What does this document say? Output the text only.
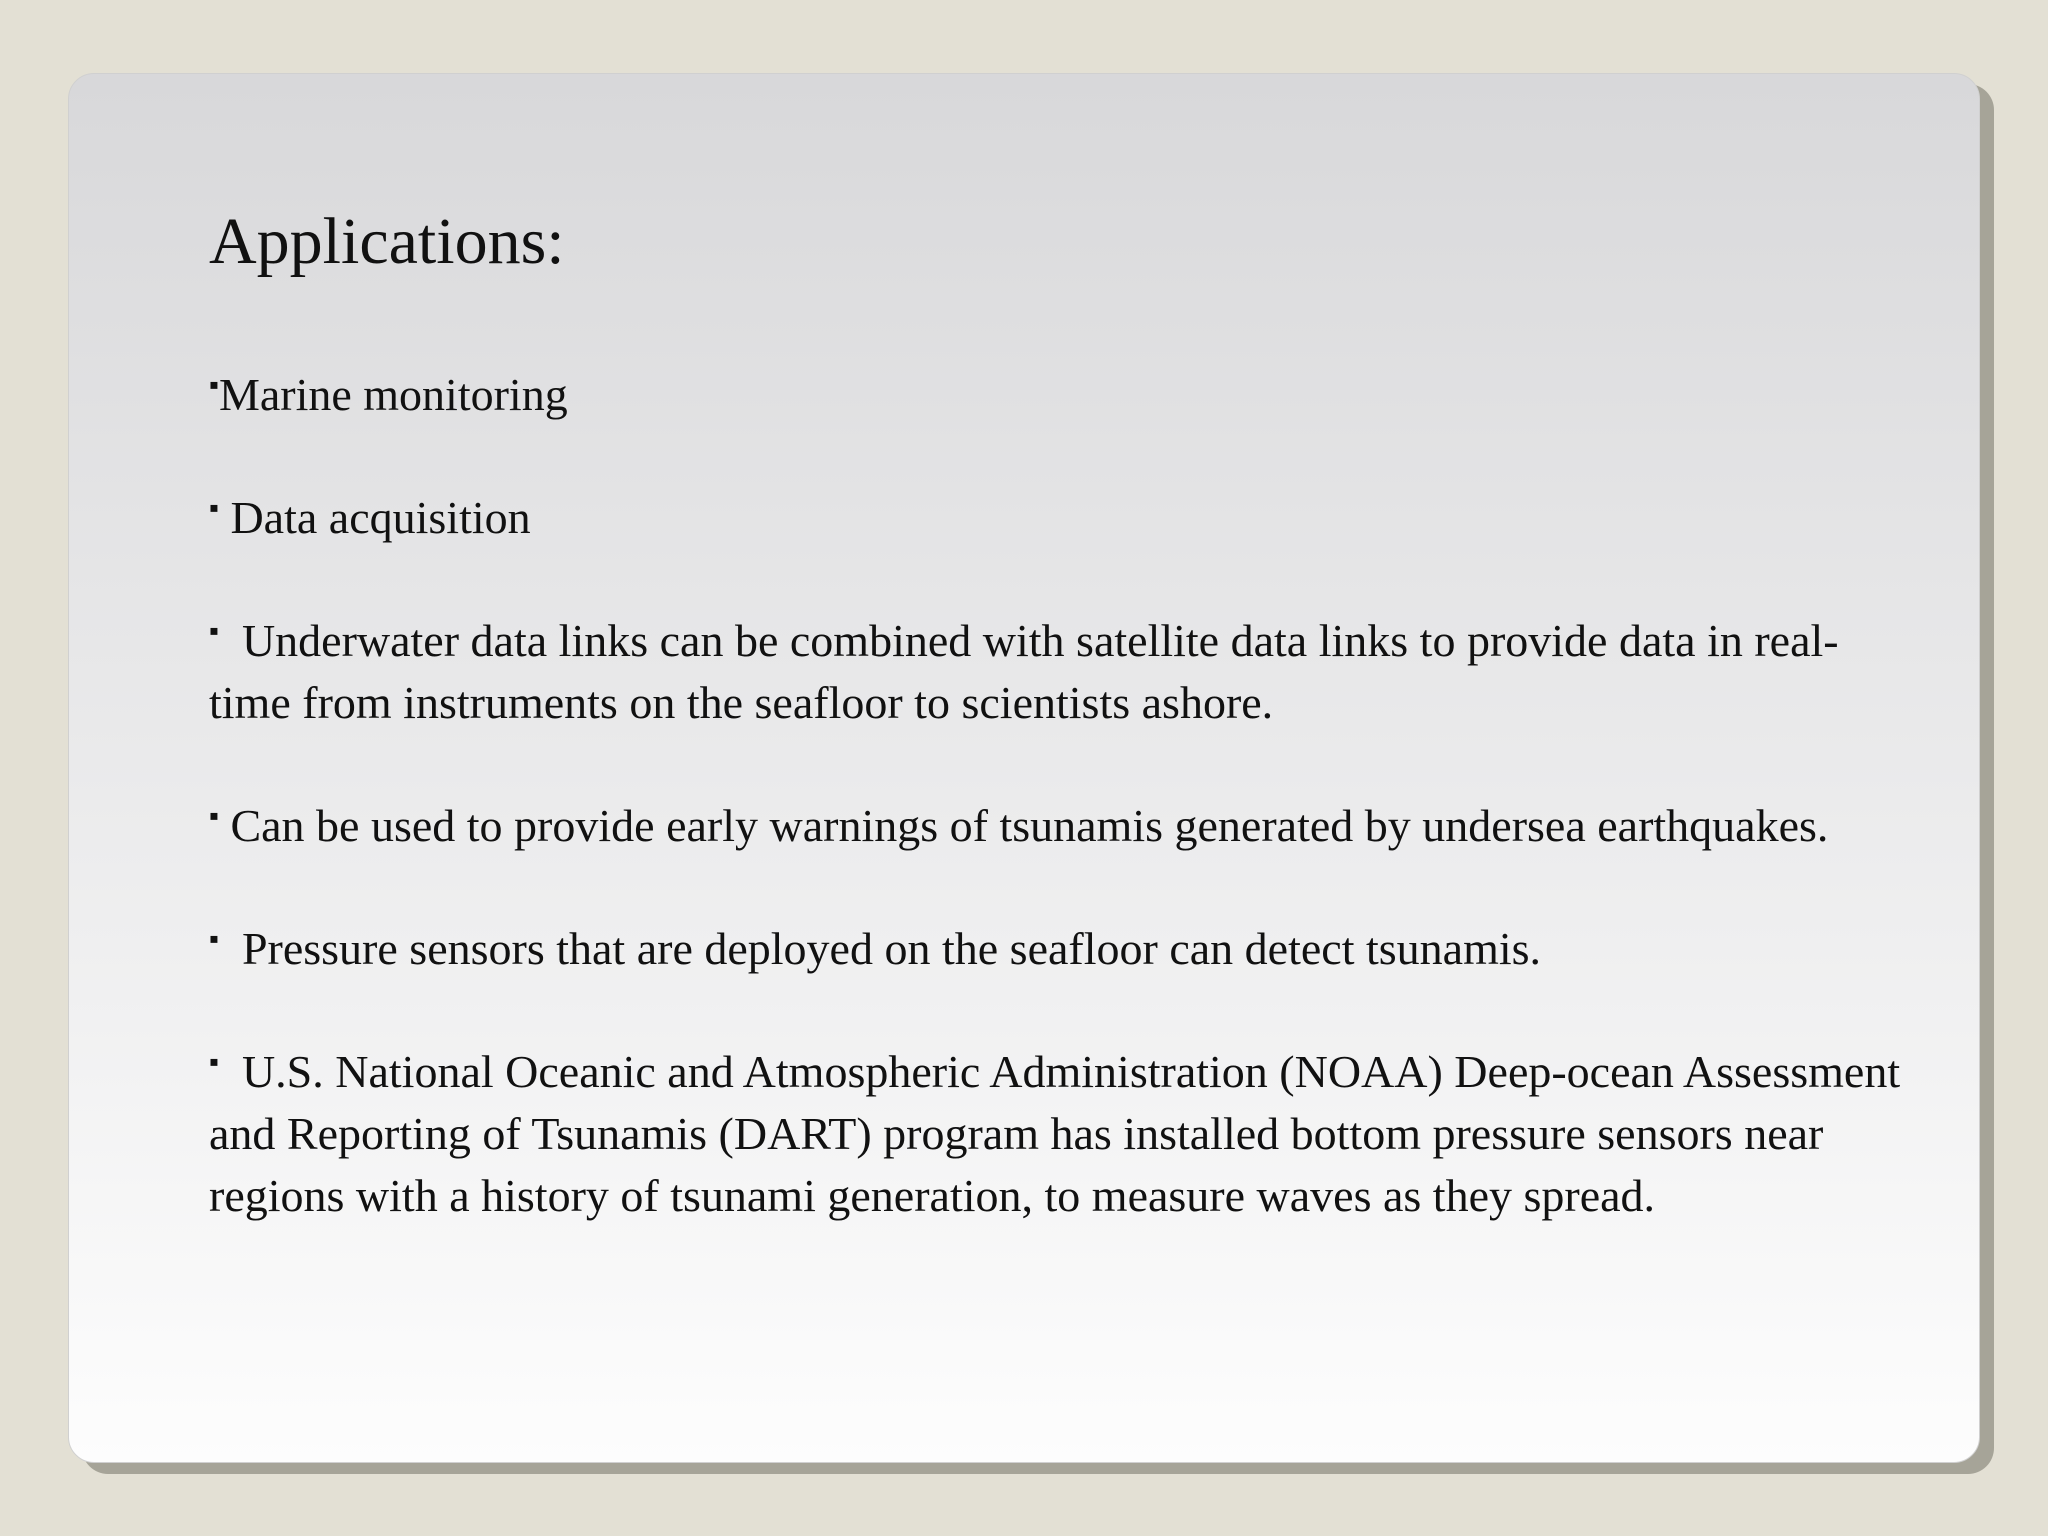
Applications:
▪Marine monitoring
▪ Data acquisition
▪ Underwater data links can be combined with satellite data links to provide data in real-time from instruments on the seafloor to scientists ashore.
▪ Can be used to provide early warnings of tsunamis generated by undersea earthquakes.
▪ Pressure sensors that are deployed on the seafloor can detect tsunamis.
▪ U.S. National Oceanic and Atmospheric Administration (NOAA) Deep-ocean Assessment and Reporting of Tsunamis (DART) program has installed bottom pressure sensors near regions with a history of tsunami generation, to measure waves as they spread.
